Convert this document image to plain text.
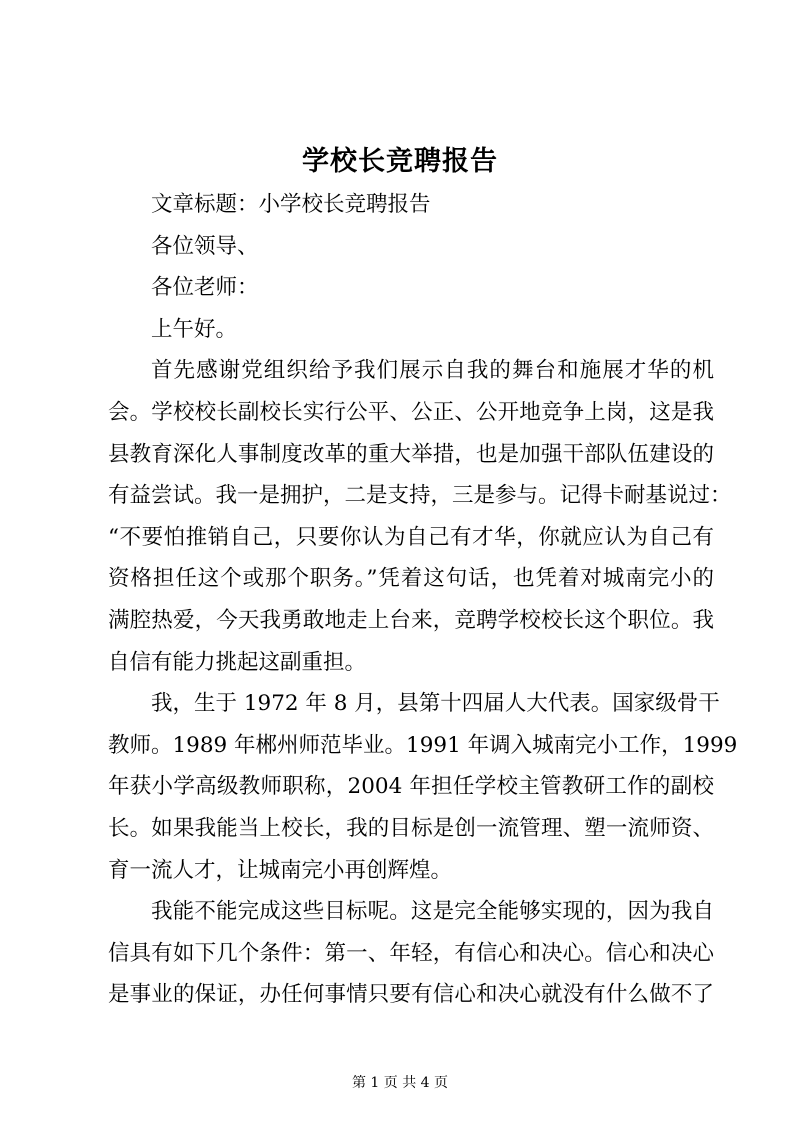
学校长竞聘报告
文章标题：小学校长竞聘报告
各位领导、
各位老师：
上午好。
首先感谢党组织给予我们展示自我的舞台和施展才华的机
会。学校校长副校长实行公平、公正、公开地竞争上岗，这是我
县教育深化人事制度改革的重大举措，也是加强干部队伍建设的
有益尝试。我一是拥护，二是支持，三是参与。记得卡耐基说过：
“不要怕推销自己，只要你认为自己有才华，你就应认为自己有
资格担任这个或那个职务。”凭着这句话，也凭着对城南完小的
满腔热爱，今天我勇敢地走上台来，竞聘学校校长这个职位。我
自信有能力挑起这副重担。
我，生于 1972 年 8 月，县第十四届人大代表。国家级骨干
教师。1989 年郴州师范毕业。1991 年调入城南完小工作，1999
年获小学高级教师职称，2004 年担任学校主管教研工作的副校
长。如果我能当上校长，我的目标是创一流管理、塑一流师资、
育一流人才，让城南完小再创辉煌。
我能不能完成这些目标呢。这是完全能够实现的，因为我自
信具有如下几个条件：第一、年轻，有信心和决心。信心和决心
是事业的保证，办任何事情只要有信心和决心就没有什么做不了
第 1 页 共 4 页
